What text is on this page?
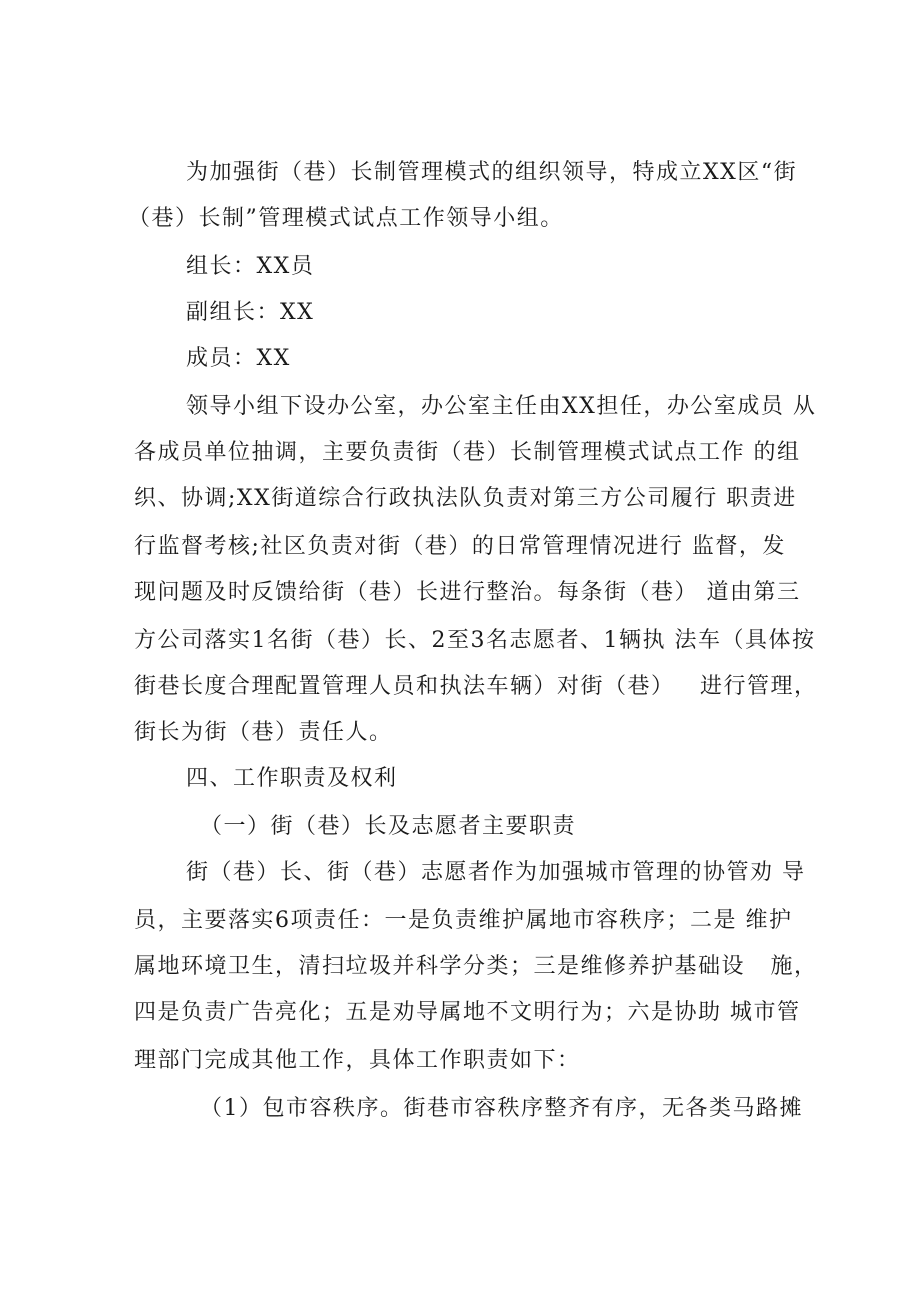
为加强街（巷）长制管理模式的组织领导，特成立XX区“街
（巷）长制”管理模式试点工作领导小组。
组长：XX员
副组长：XX
成员：XX
领导小组下设办公室，办公室主任由XX担任，办公室成员 从
各成员单位抽调，主要负责街（巷）长制管理模式试点工作 的组
织、协调;XX街道综合行政执法队负责对第三方公司履行 职责进
行监督考核;社区负责对街（巷）的日常管理情况进行 监督，发
现问题及时反馈给街（巷）长进行整治。每条街（巷） 道由第三
方公司落实1名街（巷）长、2至3名志愿者、1辆执 法车（具体按
街巷长度合理配置管理人员和执法车辆）对街（巷）   进行管理，
街长为街（巷）责任人。
四、工作职责及权利
（一）街（巷）长及志愿者主要职责
街（巷）长、街（巷）志愿者作为加强城市管理的协管劝 导
员，主要落实6项责任：一是负责维护属地市容秩序；二是 维护
属地环境卫生，清扫垃圾并科学分类；三是维修养护基础设   施，
四是负责广告亮化；五是劝导属地不文明行为；六是协助 城市管
理部门完成其他工作，具体工作职责如下：
（1）包市容秩序。街巷市容秩序整齐有序，无各类马路摊
